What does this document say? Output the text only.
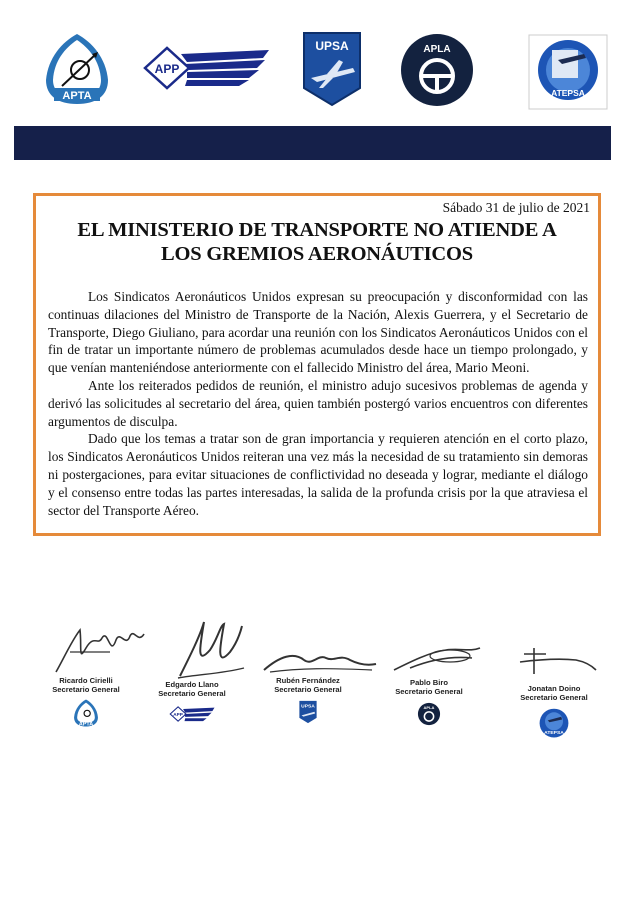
APTA
APP
UPSA	APLA
ATEPSA
Sábado 31 de julio de 2021
EL MINISTERIO DE TRANSPORTE NO ATIENDE A
LOS GREMIOS AERONÁUTICOS

Los Sindicatos Aeronáuticos Unidos expresan su preocupación y disconformidad con las continuas dilaciones del Ministro de Transporte de la Nación, Alexis Guerrera, y el Secretario de Transporte, Diego Giuliano, para acordar una reunión con los Sindicatos Aeronáuticos Unidos con el fin de tratar un importante número de problemas acumulados desde hace un tiempo prolongado, y que venían manteniéndose anteriormente con el fallecido Ministro del área, Mario Meoni.

Ante los reiterados pedidos de reunión, el ministro adujo sucesivos problemas de agenda y derivó las solicitudes al secretario del área, quien también postergó varios encuentros con diferentes argumentos de disculpa.

Dado que los temas a tratar son de gran importancia y requieren atención en el corto plazo, los Sindicatos Aeronáuticos Unidos reiteran una vez más la necesidad de su tratamiento sin demoras ni postergaciones, para evitar situaciones de conflictividad no deseada y lograr, mediante el diálogo y el consenso entre todas las partes interesadas, la salida de la profunda crisis por la que atraviesa el sector del Transporte Aéreo.

Ricardo Cirielli
Secretario General
APTA
Edgardo Llano
Secretario General
APP
Rubén Fernández
Secretario General
UPSA
Pablo Biro
Secretario General
APLA
Jonatan Doino
Secretario General
ATEPSA
